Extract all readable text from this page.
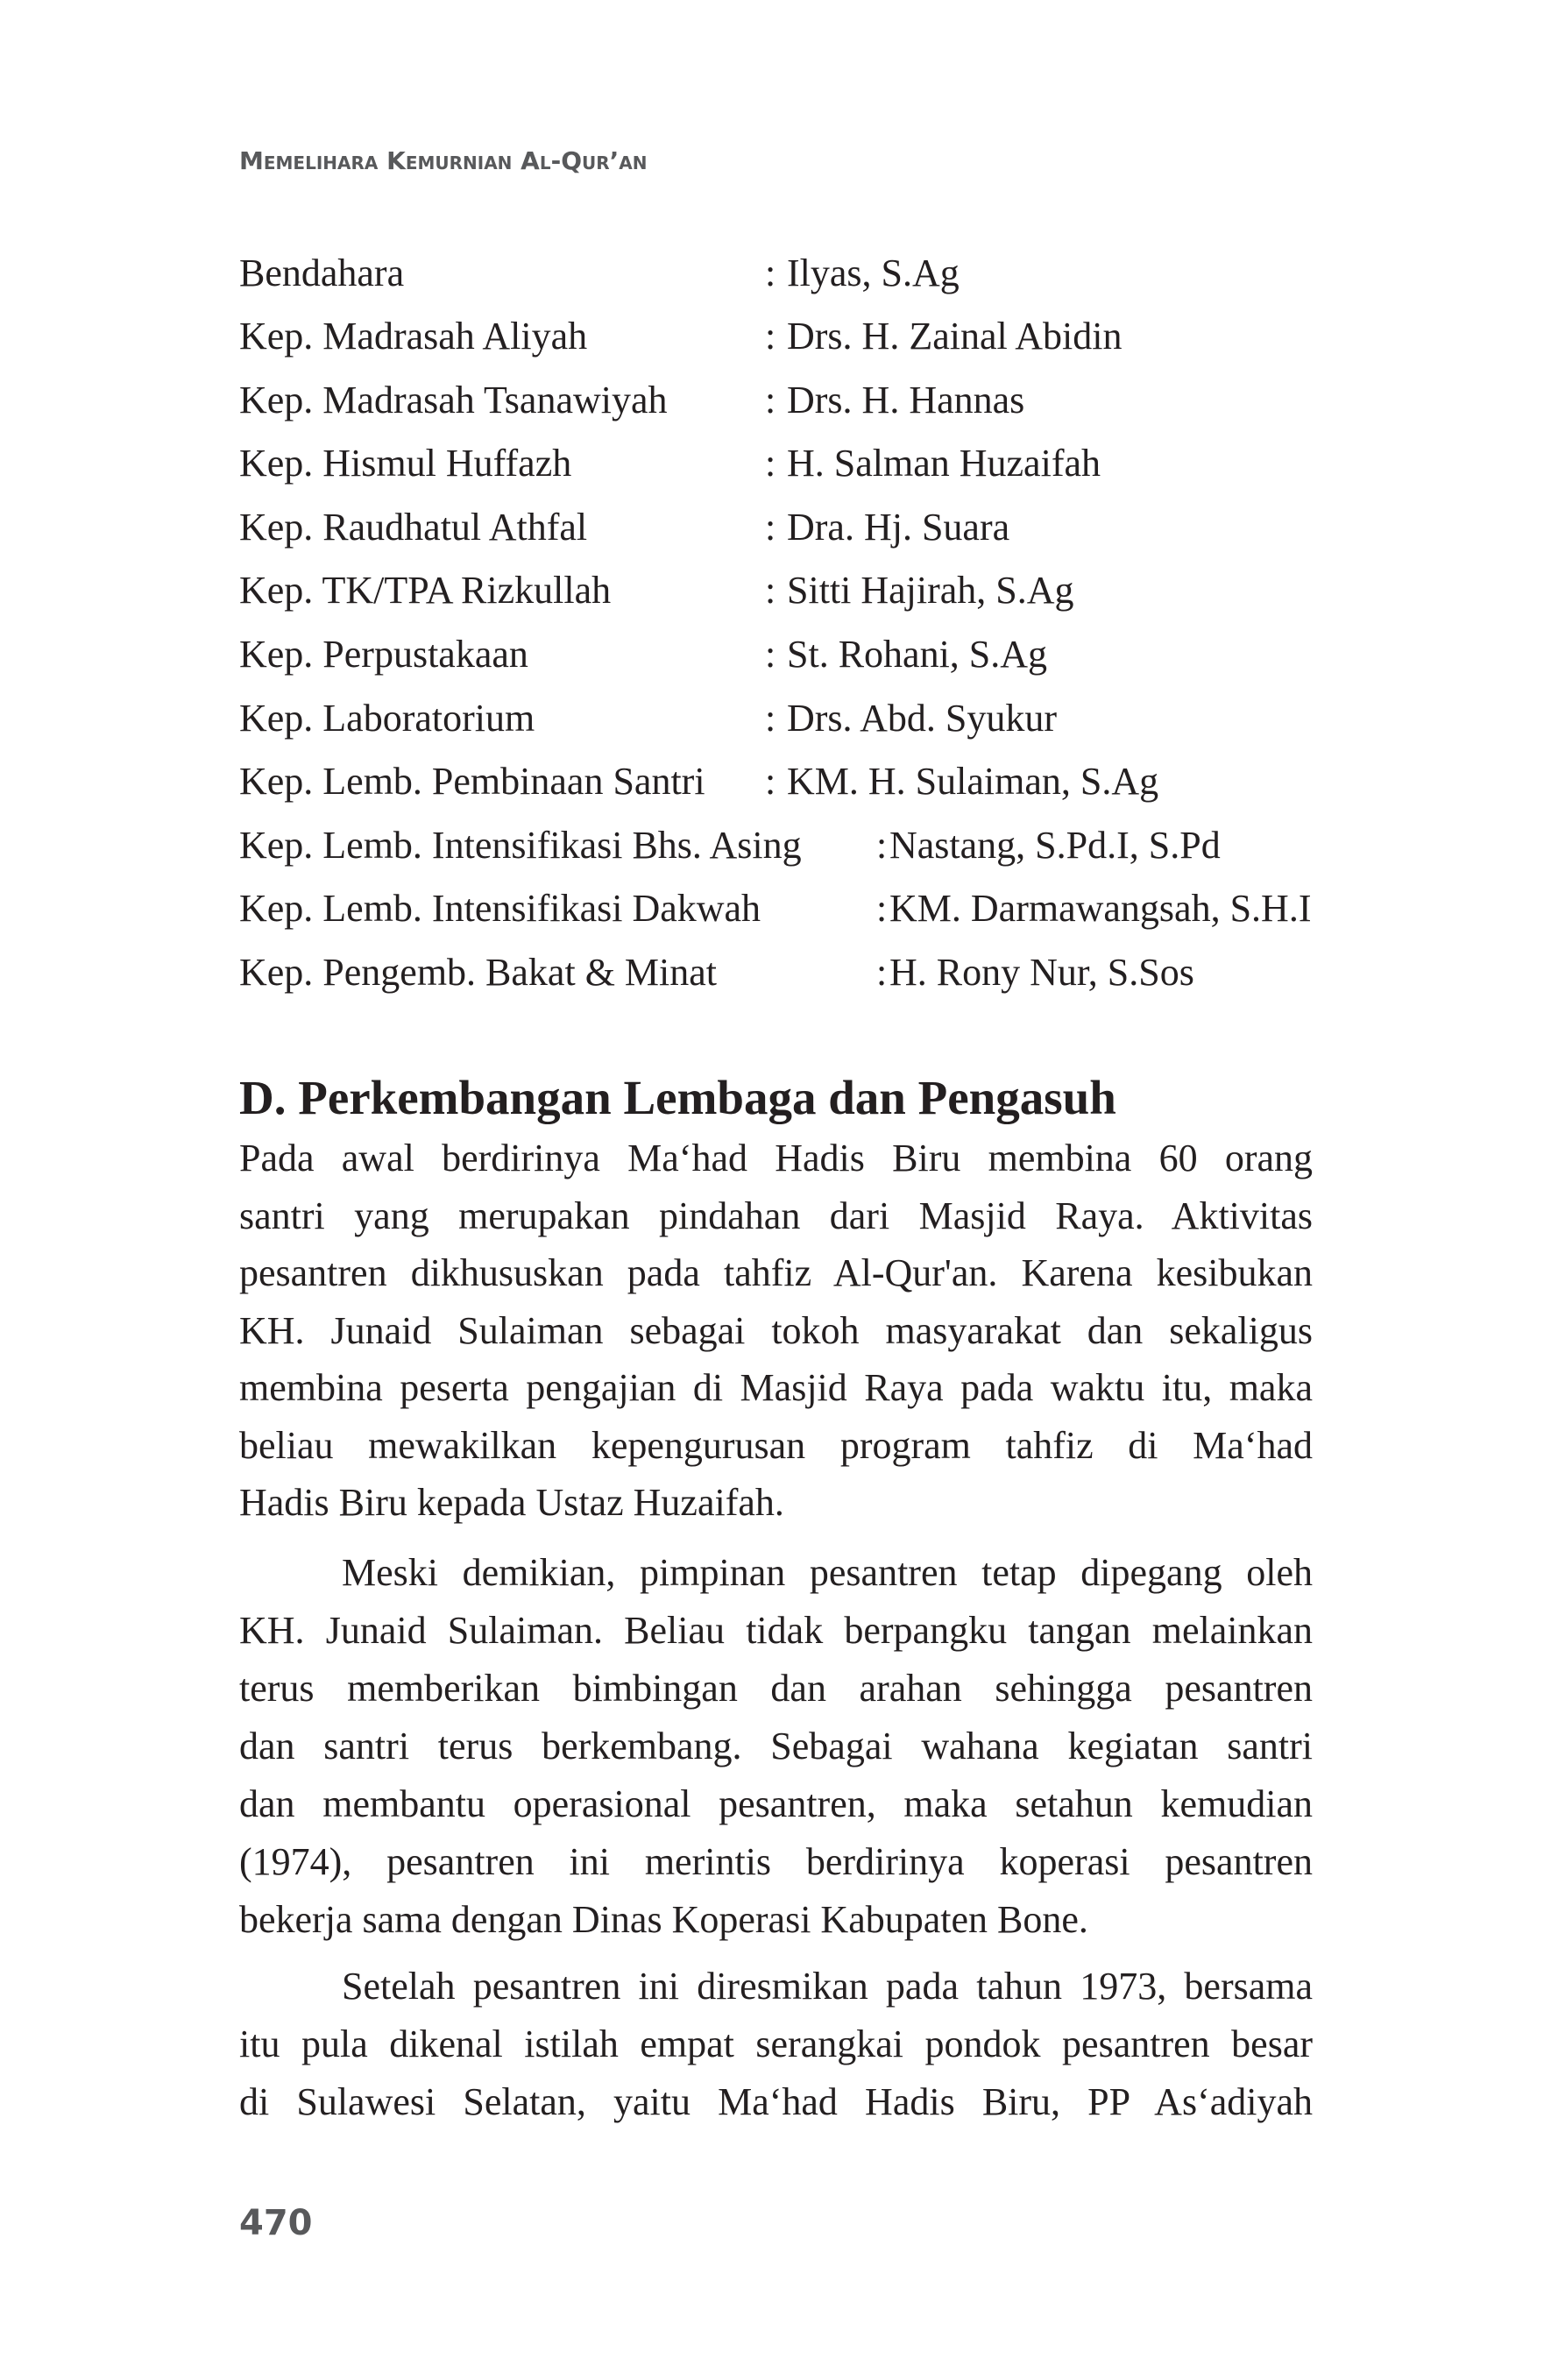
Memelihara Kemurnian Al-Qur’an
Bendahara	: Ilyas, S.Ag
Kep. Madrasah Aliyah	: Drs. H. Zainal Abidin
Kep. Madrasah Tsanawiyah	: Drs. H. Hannas
Kep. Hismul Huffazh	: H. Salman Huzaifah
Kep. Raudhatul Athfal	: Dra. Hj. Suara
Kep. TK/TPA Rizkullah	: Sitti Hajirah, S.Ag
Kep. Perpustakaan	: St. Rohani, S.Ag
Kep. Laboratorium	: Drs. Abd. Syukur
Kep. Lemb. Pembinaan Santri : KM. H. Sulaiman, S.Ag
Kep. Lemb. Intensifikasi Bhs. Asing : Nastang, S.Pd.I, S.Pd
Kep. Lemb. Intensifikasi Dakwah	: KM. Darmawangsah, S.H.I
Kep. Pengemb. Bakat & Minat	: H. Rony Nur, S.Sos
D. Perkembangan Lembaga dan Pengasuh
Pada awal berdirinya Ma‘had Hadis Biru membina 60 orang
santri yang merupakan pindahan dari Masjid Raya. Aktivitas
pesantren dikhususkan pada tahfiz Al-Qur'an. Karena kesibukan
KH. Junaid Sulaiman sebagai tokoh masyarakat dan sekaligus
membina peserta pengajian di Masjid Raya pada waktu itu, maka
beliau mewakilkan kepengurusan program tahfiz di Ma‘had
Hadis Biru kepada Ustaz Huzaifah.
Meski demikian, pimpinan pesantren tetap dipegang oleh
KH. Junaid Sulaiman. Beliau tidak berpangku tangan melainkan
terus memberikan bimbingan dan arahan sehingga pesantren
dan santri terus berkembang. Sebagai wahana kegiatan santri
dan membantu operasional pesantren, maka setahun kemudian
(1974), pesantren ini merintis berdirinya koperasi pesantren
bekerja sama dengan Dinas Koperasi Kabupaten Bone.
Setelah pesantren ini diresmikan pada tahun 1973, bersama
itu pula dikenal istilah empat serangkai pondok pesantren besar
di Sulawesi Selatan, yaitu Ma‘had Hadis Biru, PP As‘adiyah
470
